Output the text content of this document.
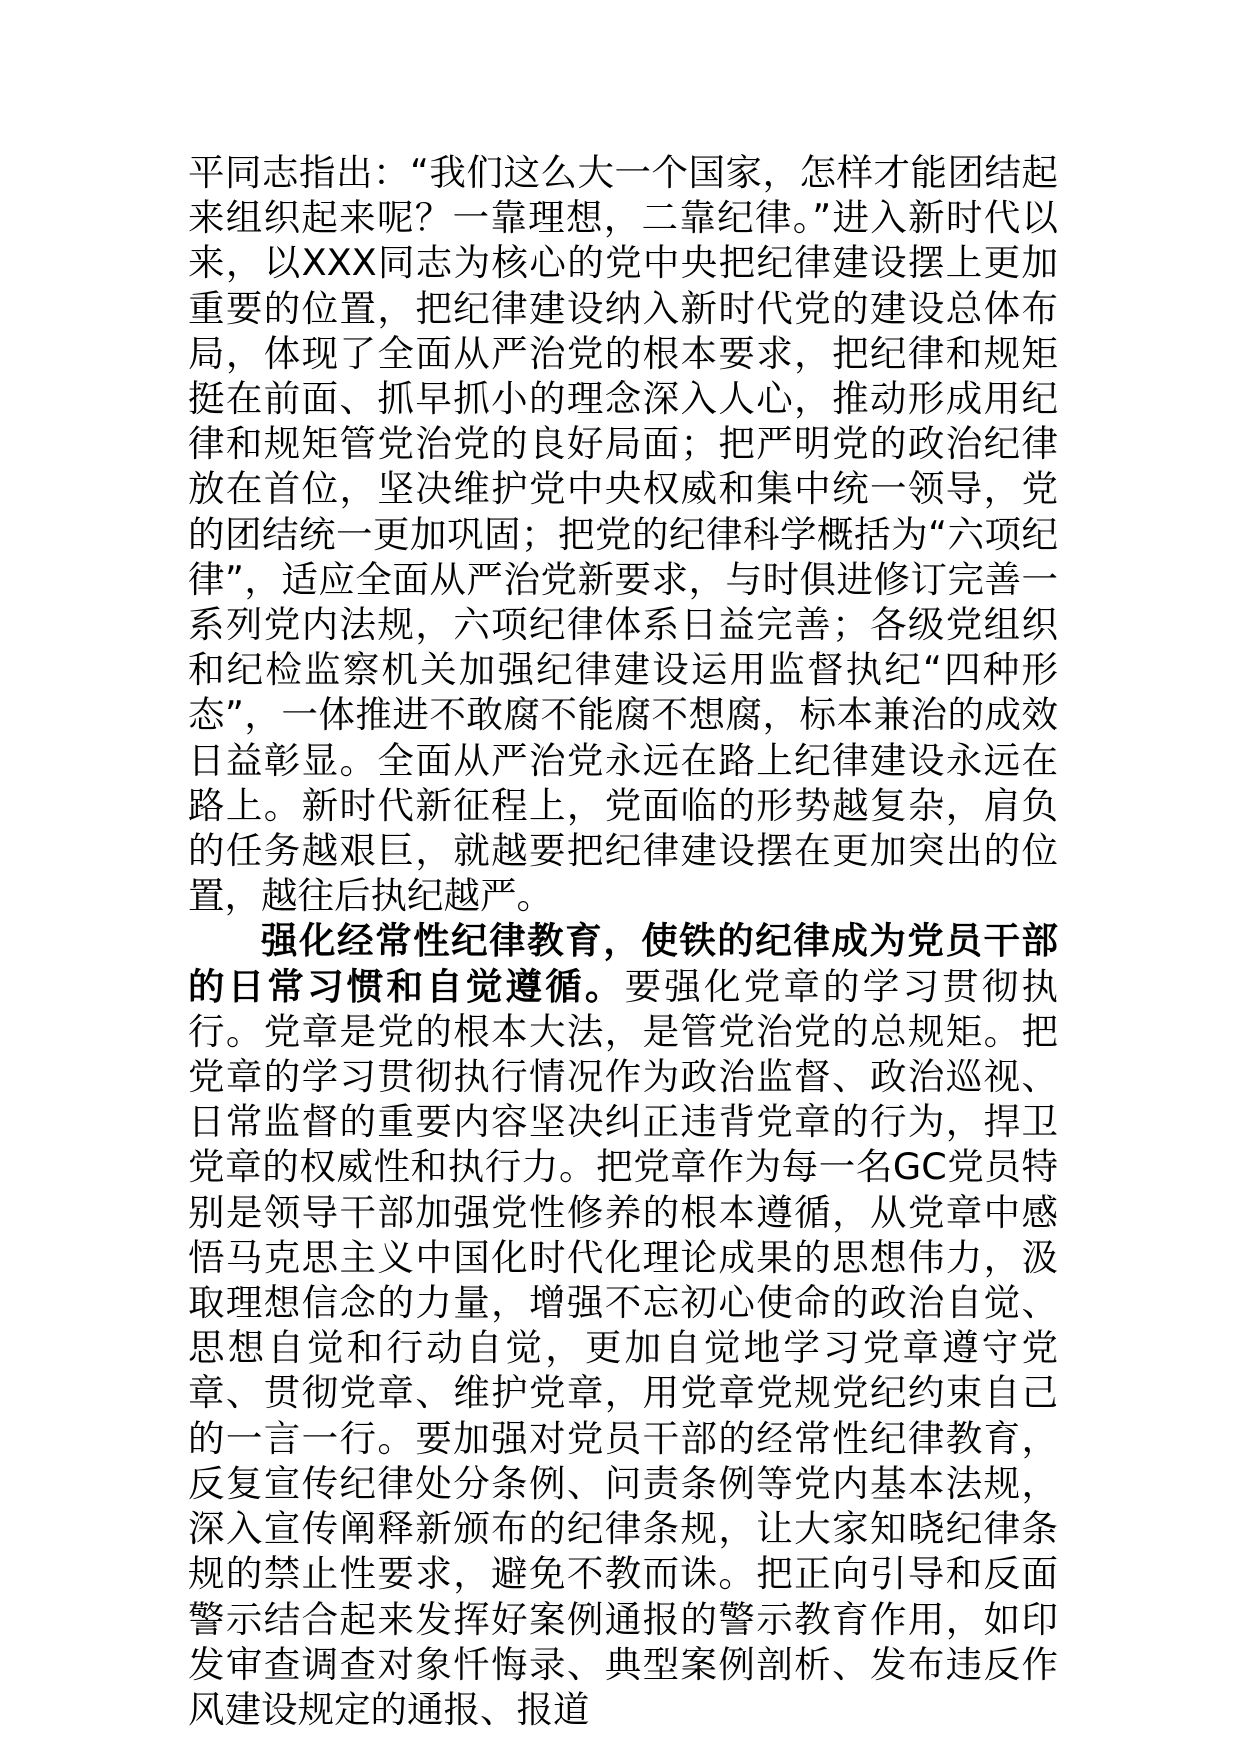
平同志指出：“我们这么大一个国家，怎样才能团结起来组织起来呢？一靠理想，二靠纪律。”进入新时代以来，以XXX同志为核心的党中央把纪律建设摆上更加重要的位置，把纪律建设纳入新时代党的建设总体布局，体现了全面从严治党的根本要求，把纪律和规矩挺在前面、抓早抓小的理念深入人心，推动形成用纪律和规矩管党治党的良好局面；把严明党的政治纪律放在首位，坚决维护党中央权威和集中统一领导，党的团结统一更加巩固；把党的纪律科学概括为“六项纪律”，适应全面从严治党新要求，与时俱进修订完善一系列党内法规，六项纪律体系日益完善；各级党组织和纪检监察机关加强纪律建设运用监督执纪“四种形态”，一体推进不敢腐不能腐不想腐，标本兼治的成效日益彰显。全面从严治党永远在路上纪律建设永远在路上。新时代新征程上，党面临的形势越复杂，肩负的任务越艰巨，就越要把纪律建设摆在更加突出的位置，越往后执纪越严。

强化经常性纪律教育，使铁的纪律成为党员干部的日常习惯和自觉遵循。要强化党章的学习贯彻执行。党章是党的根本大法，是管党治党的总规矩。把党章的学习贯彻执行情况作为政治监督、政治巡视、日常监督的重要内容坚决纠正违背党章的行为，捍卫党章的权威性和执行力。把党章作为每一名GC党员特别是领导干部加强党性修养的根本遵循，从党章中感悟马克思主义中国化时代化理论成果的思想伟力，汲取理想信念的力量，增强不忘初心使命的政治自觉、思想自觉和行动自觉，更加自觉地学习党章遵守党章、贯彻党章、维护党章，用党章党规党纪约束自己的一言一行。要加强对党员干部的经常性纪律教育，反复宣传纪律处分条例、问责条例等党内基本法规，深入宣传阐释新颁布的纪律条规，让大家知晓纪律条规的禁止性要求，避免不教而诛。把正向引导和反面警示结合起来发挥好案例通报的警示教育作用，如印发审查调查对象忏悔录、典型案例剖析、发布违反作风建设规定的通报、报道
